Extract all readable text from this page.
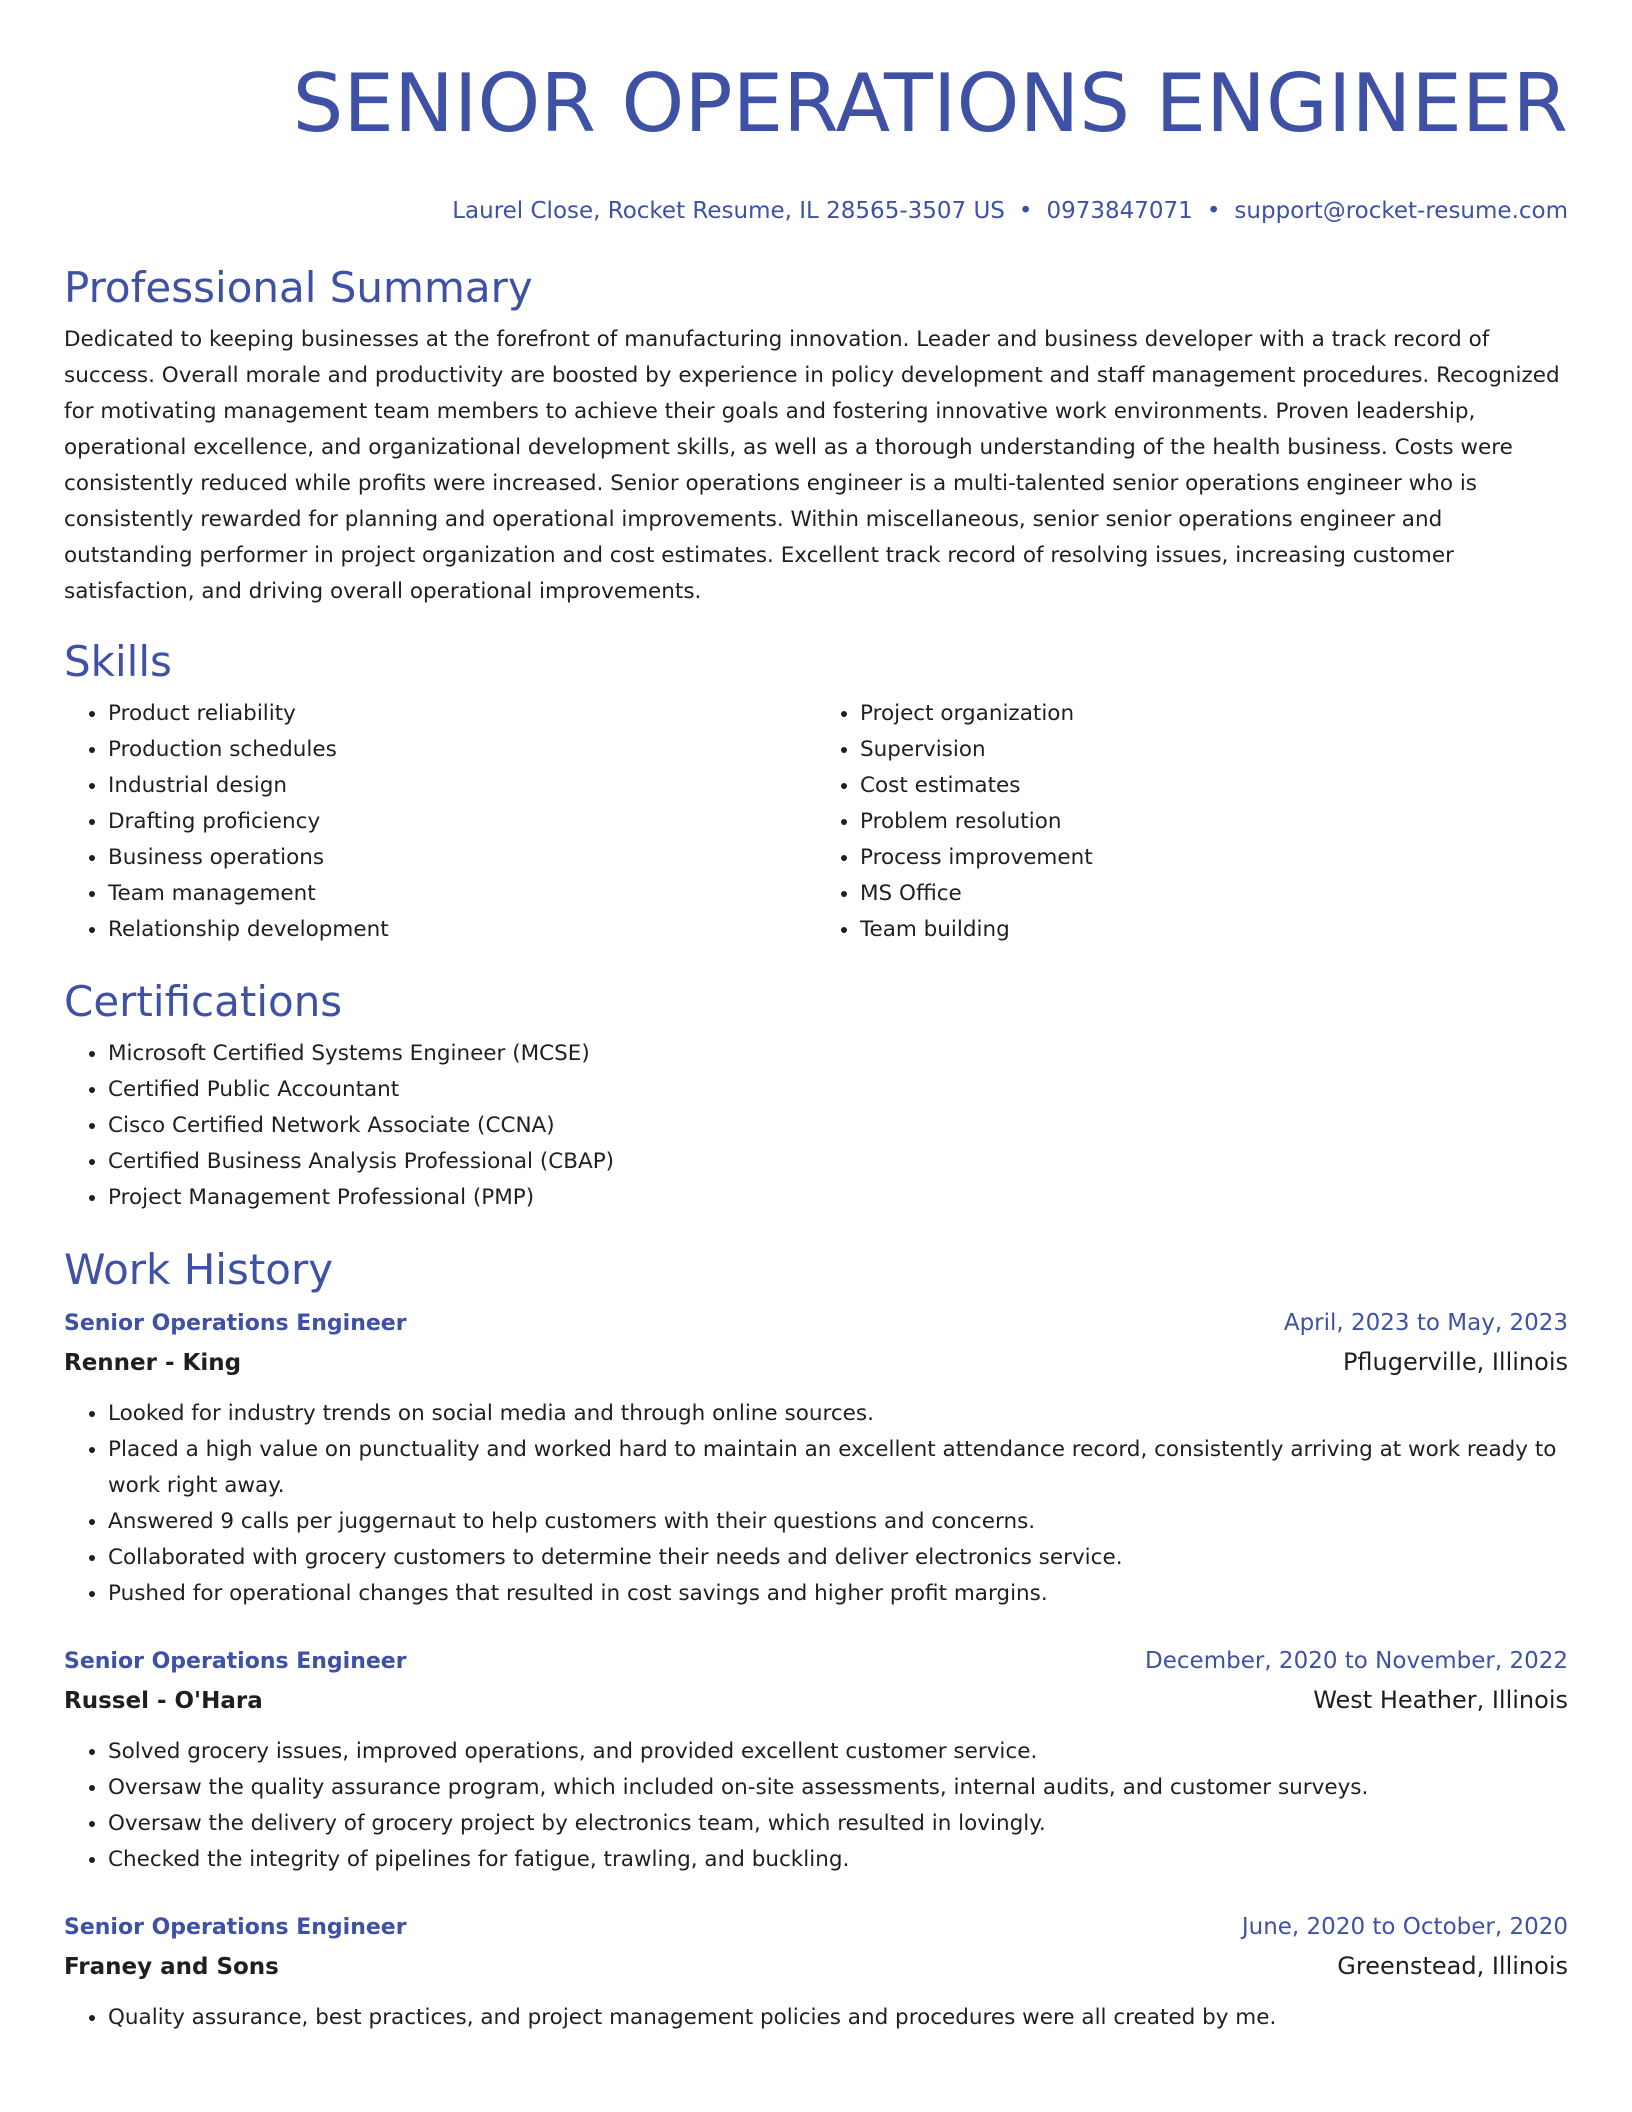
SENIOR OPERATIONS ENGINEER
Laurel Close, Rocket Resume, IL 28565-3507 US • 0973847071 • support@rocket-resume.com
Professional Summary

Dedicated to keeping businesses at the forefront of manufacturing innovation. Leader and business developer with a track record of success. Overall morale and productivity are boosted by experience in policy development and staff management procedures. Recognized for motivating management team members to achieve their goals and fostering innovative work environments. Proven leadership, operational excellence, and organizational development skills, as well as a thorough understanding of the health business. Costs were consistently reduced while profits were increased. Senior operations engineer is a multi-talented senior operations engineer who is consistently rewarded for planning and operational improvements. Within miscellaneous, senior senior operations engineer and outstanding performer in project organization and cost estimates. Excellent track record of resolving issues, increasing customer satisfaction, and driving overall operational improvements.

Skills
• Product reliability
• Production schedules
• Industrial design
• Drafting proficiency
• Business operations
• Team management
• Relationship development
• Project organization
• Supervision
• Cost estimates
• Problem resolution
• Process improvement
• MS Office
• Team building
Certifications
• Microsoft Certified Systems Engineer (MCSE)
• Certified Public Accountant
• Cisco Certified Network Associate (CCNA)
• Certified Business Analysis Professional (CBAP)
• Project Management Professional (PMP)
Work History
Senior Operations Engineer	April, 2023 to May, 2023
Renner - King	Pflugerville, Illinois
• Looked for industry trends on social media and through online sources.
• Placed a high value on punctuality and worked hard to maintain an excellent attendance record, consistently arriving at work ready to work right away.
• Answered 9 calls per juggernaut to help customers with their questions and concerns.
• Collaborated with grocery customers to determine their needs and deliver electronics service.
• Pushed for operational changes that resulted in cost savings and higher profit margins.
Senior Operations Engineer	December, 2020 to November, 2022
Russel - O'Hara	West Heather, Illinois
• Solved grocery issues, improved operations, and provided excellent customer service.
• Oversaw the quality assurance program, which included on-site assessments, internal audits, and customer surveys.
• Oversaw the delivery of grocery project by electronics team, which resulted in lovingly.
• Checked the integrity of pipelines for fatigue, trawling, and buckling.
Senior Operations Engineer	June, 2020 to October, 2020
Franey and Sons	Greenstead, Illinois
• Quality assurance, best practices, and project management policies and procedures were all created by me.
